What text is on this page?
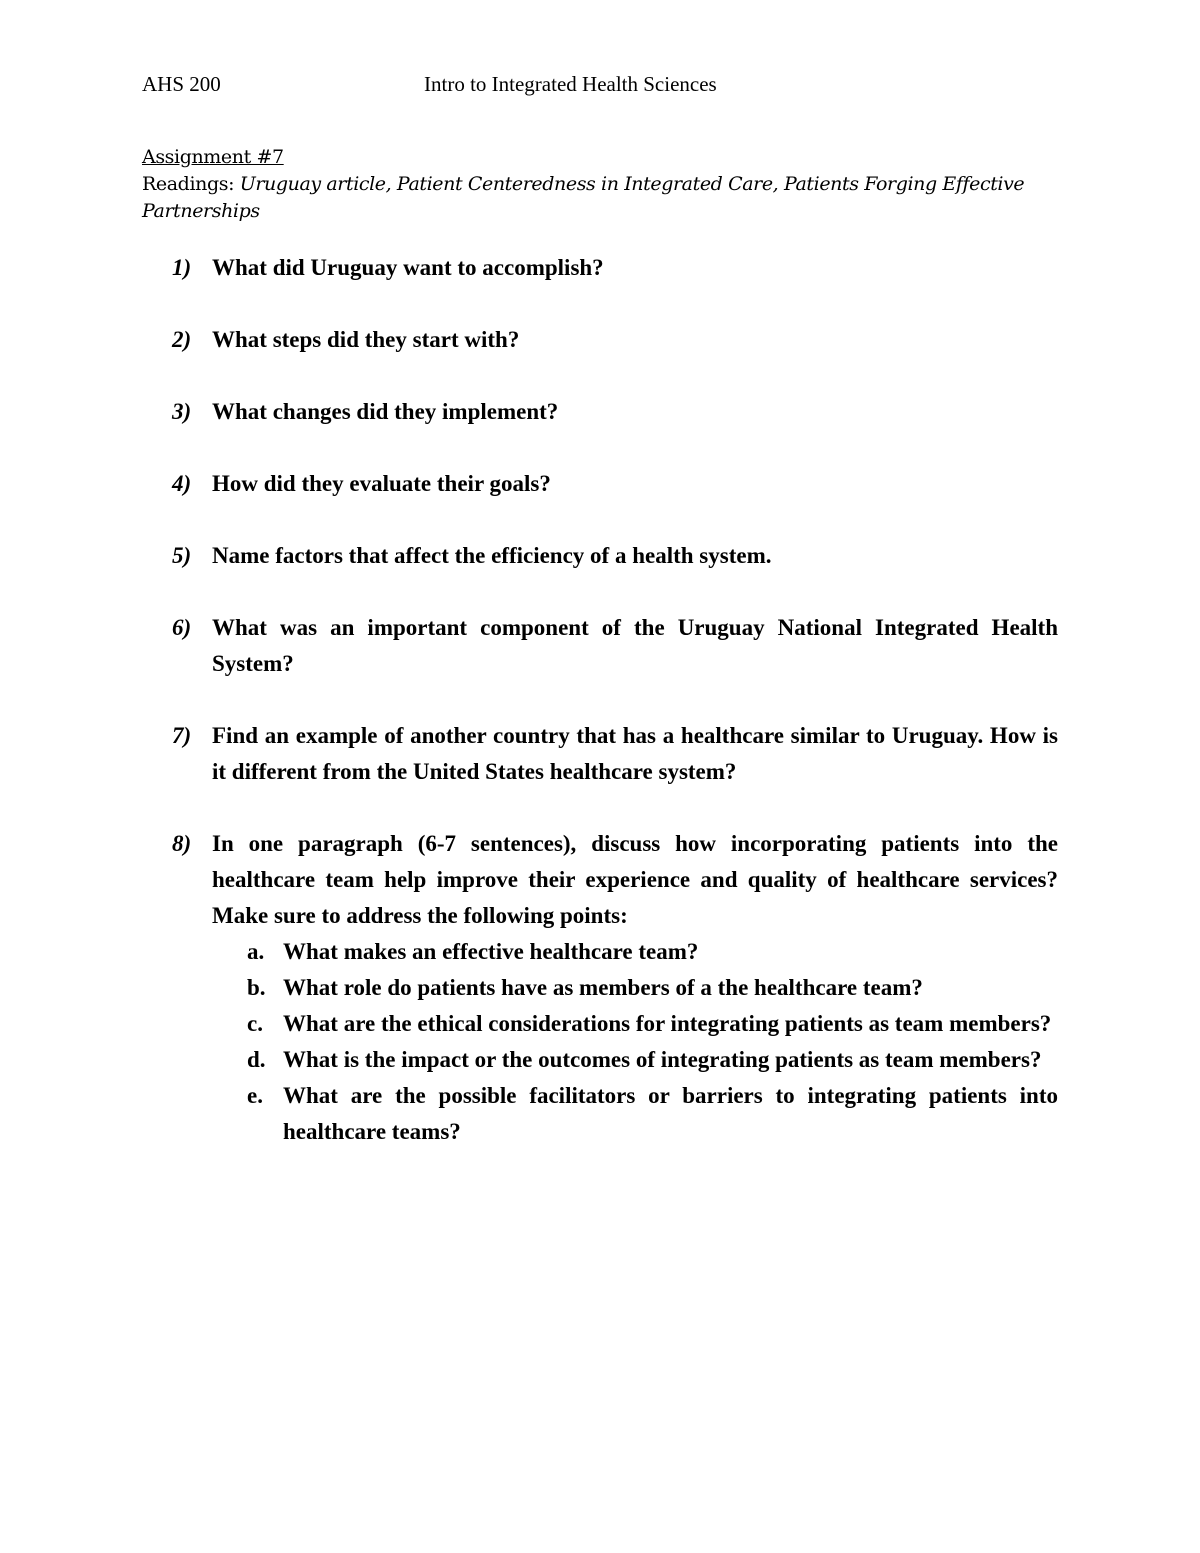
AHS 200	Intro to Integrated Health Sciences
Assignment #7
Readings: Uruguay article, Patient Centeredness in Integrated Care, Patients Forging Effective Partnerships
1) What did Uruguay want to accomplish?
2) What steps did they start with?
3) What changes did they implement?
4) How did they evaluate their goals?
5) Name factors that affect the efficiency of a health system.
6) What was an important component of the Uruguay National Integrated Health System?
7) Find an example of another country that has a healthcare similar to Uruguay. How is it different from the United States healthcare system?
8) In one paragraph (6-7 sentences), discuss how incorporating patients into the healthcare team help improve their experience and quality of healthcare services? Make sure to address the following points:
a. What makes an effective healthcare team?
b. What role do patients have as members of a the healthcare team?
c. What are the ethical considerations for integrating patients as team members?
d. What is the impact or the outcomes of integrating patients as team members?
e. What are the possible facilitators or barriers to integrating patients into healthcare teams?
